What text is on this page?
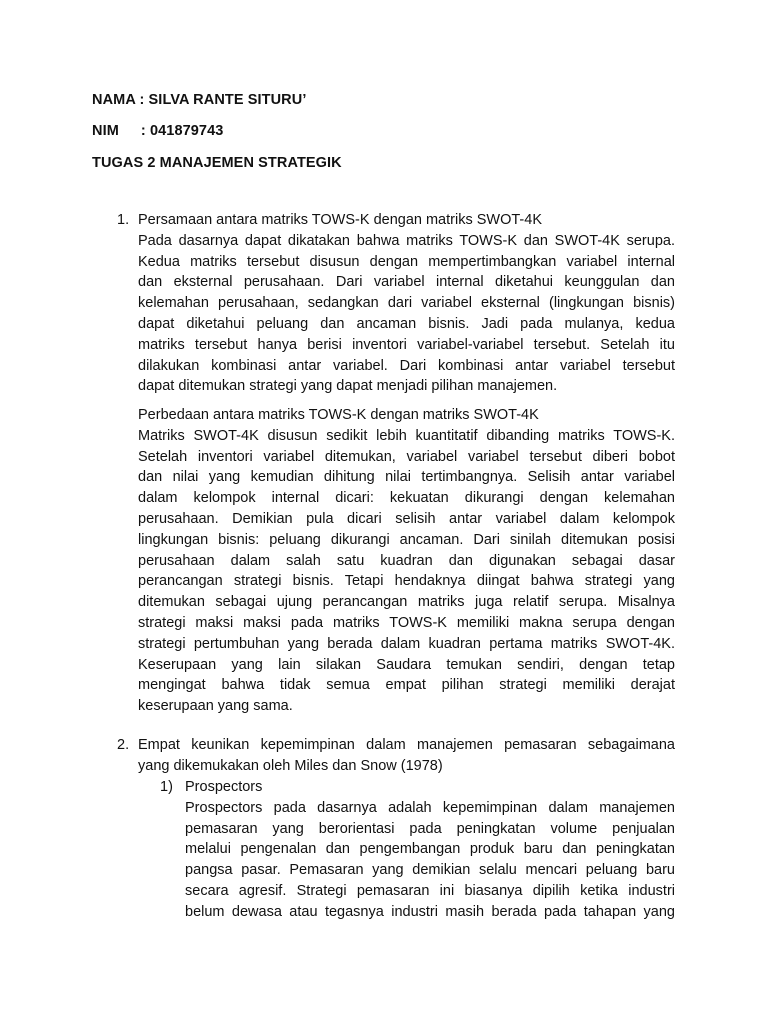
NAMA : SILVA RANTE SITURU’
NIM : 041879743
TUGAS 2 MANAJEMEN STRATEGIK
1. Persamaan antara matriks TOWS-K dengan matriks SWOT-4K
Pada dasarnya dapat dikatakan bahwa matriks TOWS-K dan SWOT-4K serupa.
Kedua matriks tersebut disusun dengan mempertimbangkan variabel internal
dan eksternal perusahaan. Dari variabel internal diketahui keunggulan dan
kelemahan perusahaan, sedangkan dari variabel eksternal (lingkungan bisnis)
dapat diketahui peluang dan ancaman bisnis. Jadi pada mulanya, kedua
matriks tersebut hanya berisi inventori variabel-variabel tersebut. Setelah itu
dilakukan kombinasi antar variabel. Dari kombinasi antar variabel tersebut
dapat ditemukan strategi yang dapat menjadi pilihan manajemen.
Perbedaan antara matriks TOWS-K dengan matriks SWOT-4K
Matriks SWOT-4K disusun sedikit lebih kuantitatif dibanding matriks TOWS-K.
Setelah inventori variabel ditemukan, variabel variabel tersebut diberi bobot
dan nilai yang kemudian dihitung nilai tertimbangnya. Selisih antar variabel
dalam kelompok internal dicari: kekuatan dikurangi dengan kelemahan
perusahaan. Demikian pula dicari selisih antar variabel dalam kelompok
lingkungan bisnis: peluang dikurangi ancaman. Dari sinilah ditemukan posisi
perusahaan dalam salah satu kuadran dan digunakan sebagai dasar
perancangan strategi bisnis. Tetapi hendaknya diingat bahwa strategi yang
ditemukan sebagai ujung perancangan matriks juga relatif serupa. Misalnya
strategi maksi maksi pada matriks TOWS-K memiliki makna serupa dengan
strategi pertumbuhan yang berada dalam kuadran pertama matriks SWOT-4K.
Keserupaan yang lain silakan Saudara temukan sendiri, dengan tetap
mengingat bahwa tidak semua empat pilihan strategi memiliki derajat
keserupaan yang sama.
2. Empat keunikan kepemimpinan dalam manajemen pemasaran sebagaimana
yang dikemukakan oleh Miles dan Snow (1978)
1) Prospectors
Prospectors pada dasarnya adalah kepemimpinan dalam manajemen
pemasaran yang berorientasi pada peningkatan volume penjualan
melalui pengenalan dan pengembangan produk baru dan peningkatan
pangsa pasar. Pemasaran yang demikian selalu mencari peluang baru
secara agresif. Strategi pemasaran ini biasanya dipilih ketika industri
belum dewasa atau tegasnya industri masih berada pada tahapan yang
